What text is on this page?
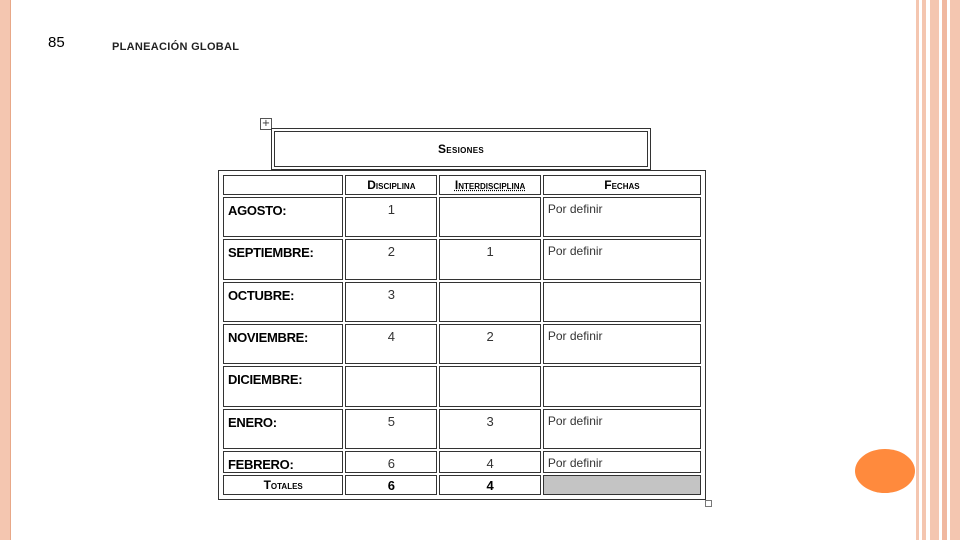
85	PLANEACIÓN GLOBAL
+
Sesiones
	Disciplina	Interdisciplina	Fechas
AGOSTO:	1		Por definir
SEPTIEMBRE:	2	1	Por definir
OCTUBRE:	3		
NOVIEMBRE:	4	2	Por definir
DICIEMBRE:			
ENERO:	5	3	Por definir
FEBRERO:	6	4	Por definir
Totales	6	4	
